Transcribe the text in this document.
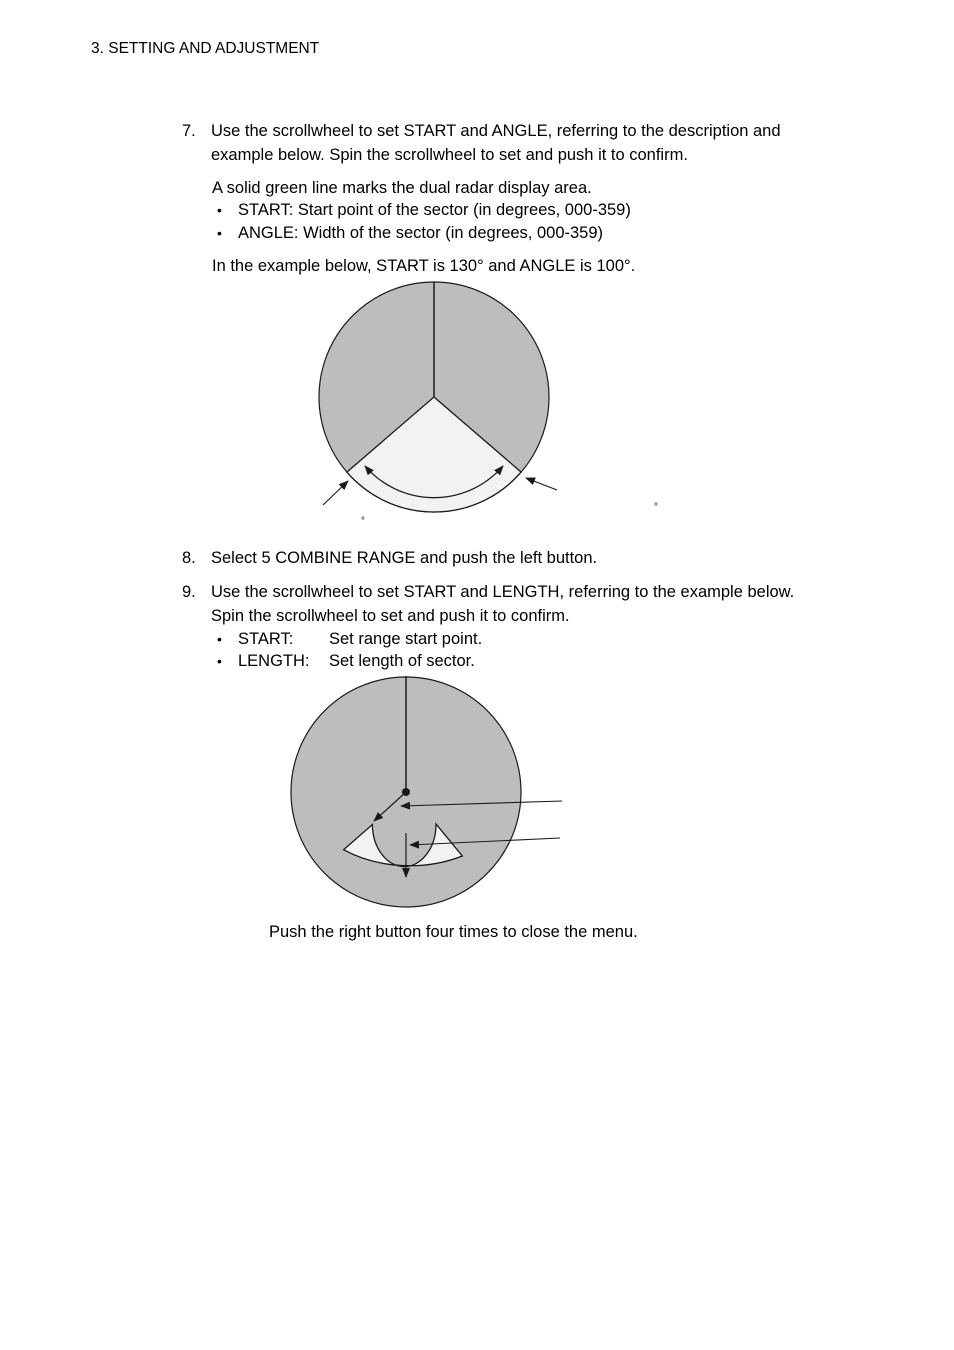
3. SETTING AND ADJUSTMENT
7. Use the scrollwheel to set START and ANGLE, referring to the description and
example below. Spin the scrollwheel to set and push it to confirm.
A solid green line marks the dual radar display area.
• START: Start point of the sector (in degrees, 000-359)
• ANGLE: Width of the sector (in degrees, 000-359)
In the example below, START is 130° and ANGLE is 100°.
°
°
8. Select 5 COMBINE RANGE and push the left button.
9. Use the scrollwheel to set START and LENGTH, referring to the example below.
Spin the scrollwheel to set and push it to confirm.
• START: Set range start point.
• LENGTH: Set length of sector.
Push the right button four times to close the menu.
